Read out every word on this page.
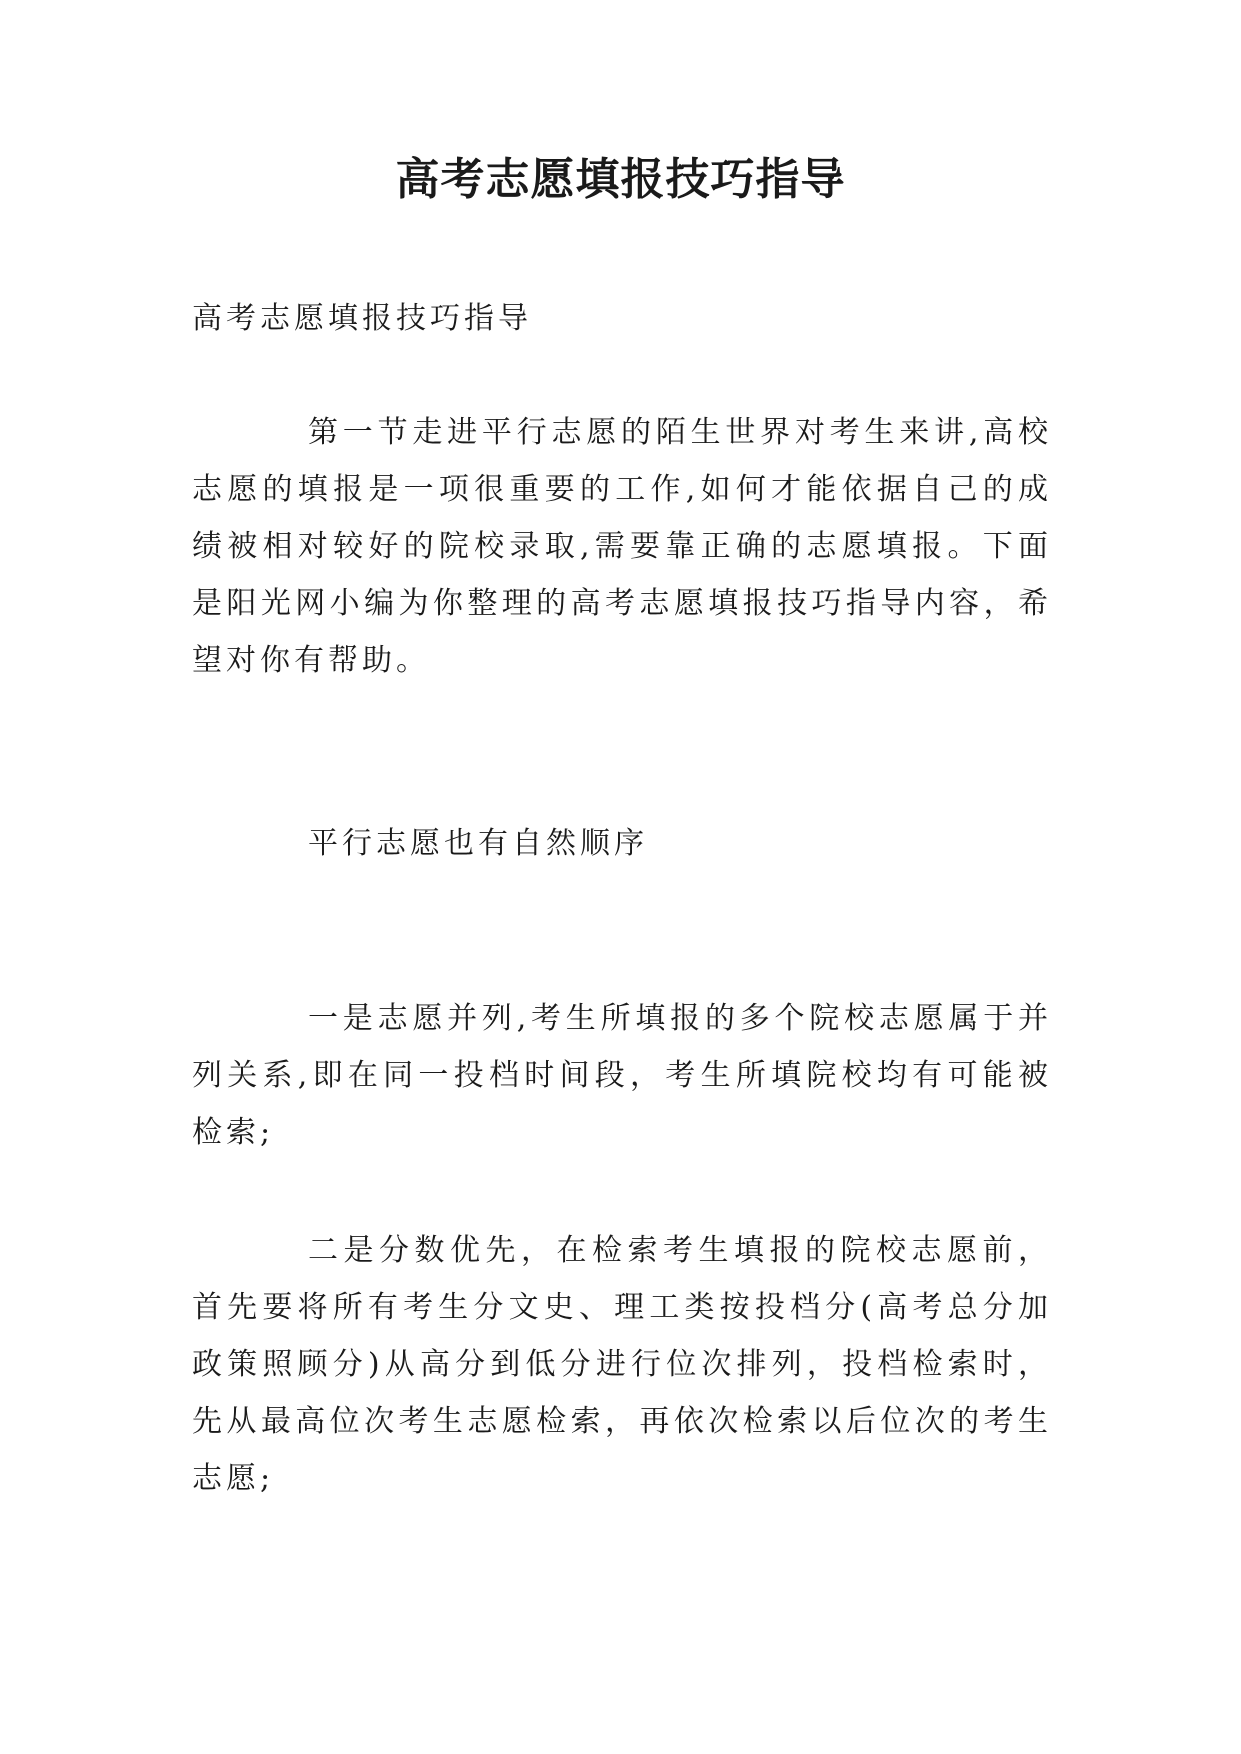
高考志愿填报技巧指导

高考志愿填报技巧指导

第一节走进平行志愿的陌生世界对考生来讲,高校志愿的填报是一项很重要的工作,如何才能依据自己的成绩被相对较好的院校录取,需要靠正确的志愿填报。下面是阳光网小编为你整理的高考志愿填报技巧指导内容，希望对你有帮助。

平行志愿也有自然顺序

一是志愿并列,考生所填报的多个院校志愿属于并列关系,即在同一投档时间段，考生所填院校均有可能被检索;

二是分数优先，在检索考生填报的院校志愿前，首先要将所有考生分文史、理工类按投档分(高考总分加政策照顾分)从高分到低分进行位次排列，投档检索时，先从最高位次考生志愿检索，再依次检索以后位次的考生志愿;
